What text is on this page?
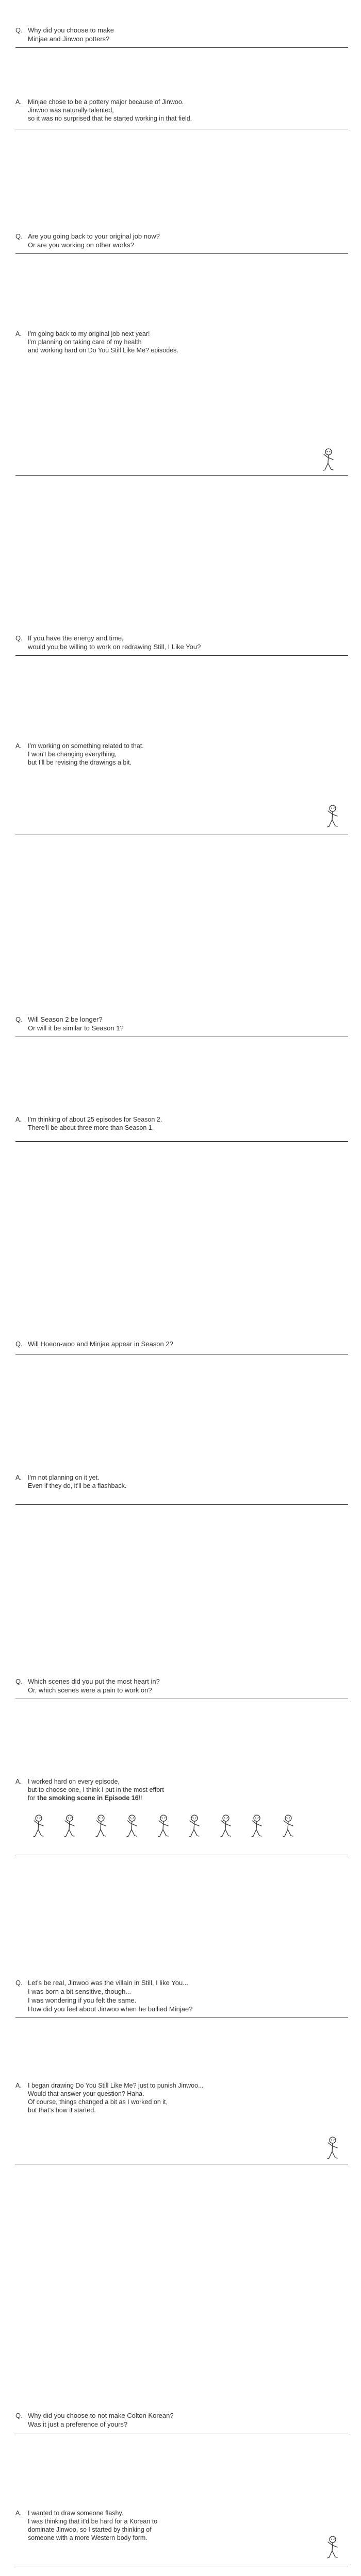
Q. Why did you choose to make
Minjae and Jinwoo potters?
A. Minjae chose to be a pottery major because of Jinwoo.
Jinwoo was naturally talented,
so it was no surprised that he started working in that field.
Q. Are you going back to your original job now?
Or are you working on other works?
A. I'm going back to my original job next year!
I'm planning on taking care of my health
and working hard on Do You Still Like Me? episodes.
Q. If you have the energy and time,
would you be willing to work on redrawing Still, I Like You?
A. I'm working on something related to that.
I won't be changing everything,
but I'll be revising the drawings a bit.
Q. Will Season 2 be longer?
Or will it be similar to Season 1?
A. I'm thinking of about 25 episodes for Season 2.
There'll be about three more than Season 1.
Q. Will Hoeon-woo and Minjae appear in Season 2?
A. I'm not planning on it yet.
Even if they do, it'll be a flashback.
Q. Which scenes did you put the most heart in?
Or, which scenes were a pain to work on?
A. I worked hard on every episode,
but to choose one, I think I put in the most effort
for the smoking scene in Episode 16!!

Q. Let's be real, Jinwoo was the villain in Still, I like You...
I was born a bit sensitive, though...
I was wondering if you felt the same.
How did you feel about Jinwoo when he bullied Minjae?
A. I began drawing Do You Still Like Me? just to punish Jinwoo...
Would that answer your question? Haha.
Of course, things changed a bit as I worked on it,
but that's how it started.
Q. Why did you choose to not make Colton Korean?
Was it just a preference of yours?
A. I wanted to draw someone flashy.
I was thinking that it'd be hard for a Korean to
dominate Jinwoo, so I started by thinking of
someone with a more Western body form.
